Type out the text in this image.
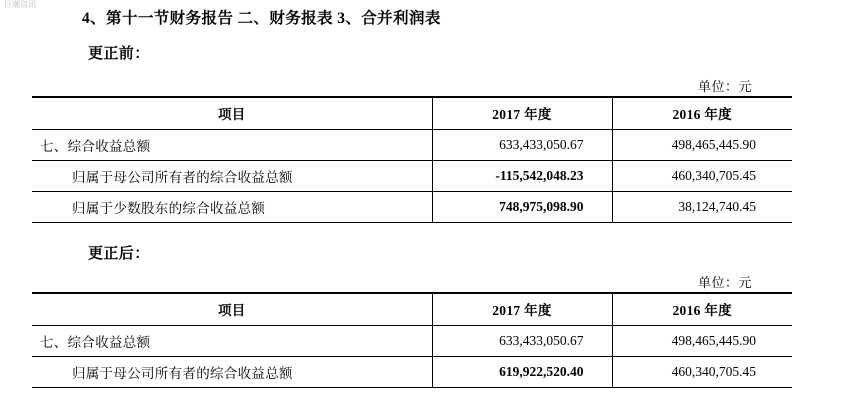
巨潮资讯
4、第十一节财务报告 二、财务报表 3、合并利润表
更正前：
单位：元
项目	2017 年度	2016 年度
七、综合收益总额	633,433,050.67	498,465,445.90
归属于母公司所有者的综合收益总额	-115,542,048.23	460,340,705.45
归属于少数股东的综合收益总额	748,975,098.90	38,124,740.45
更正后：
单位：元
项目	2017 年度	2016 年度
七、综合收益总额	633,433,050.67	498,465,445.90
归属于母公司所有者的综合收益总额	619,922,520.40	460,340,705.45
